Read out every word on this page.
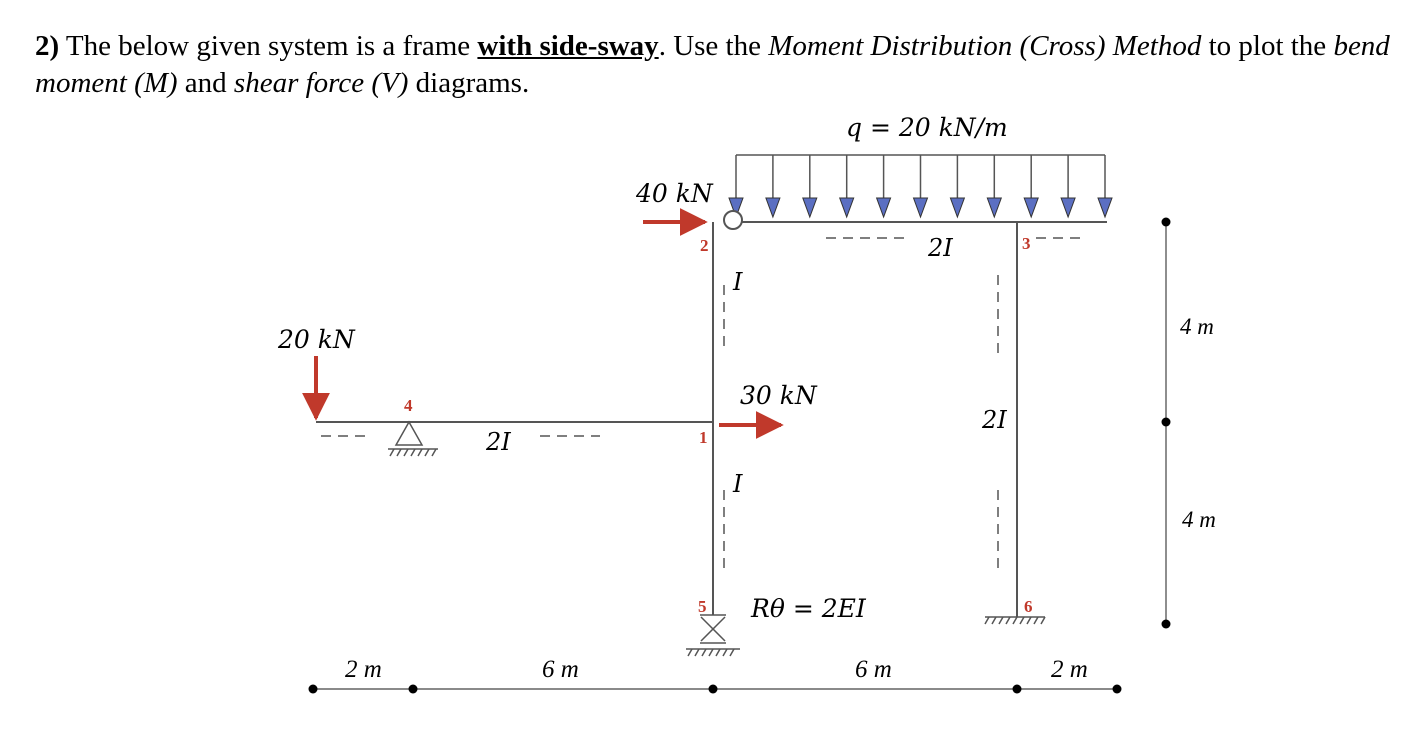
2) The below given system is a frame with side-sway. Use the Moment Distribution (Cross) Method to plot the bend
moment (M) and shear force (V) diagrams.
q = 20 kN/m
40 kN
20 kN
30 kN
Rθ = 2EI
2I
I
I
2I
2I	1
2	3
4
5	6
2 m	6 m	6 m	2 m
4 m
4 m
